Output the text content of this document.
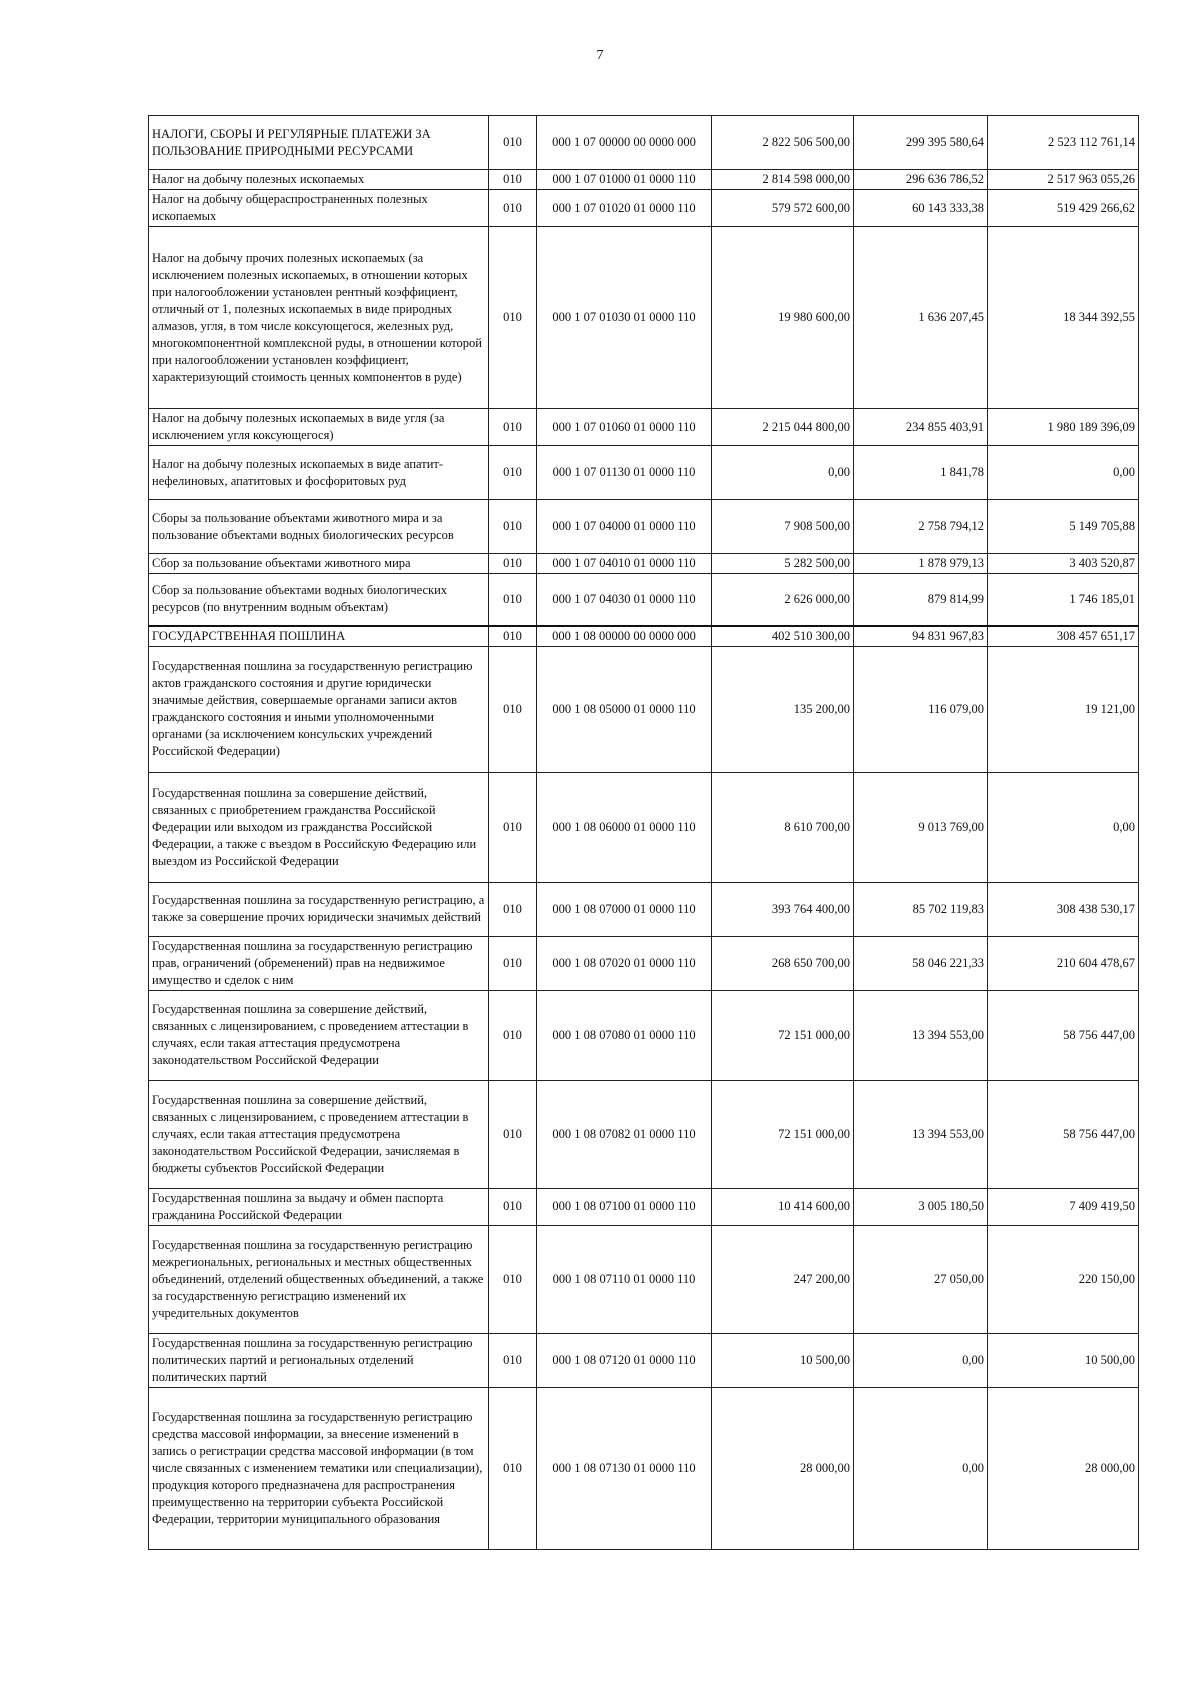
7
НАЛОГИ, СБОРЫ И РЕГУЛЯРНЫЕ ПЛАТЕЖИ ЗА ПОЛЬЗОВАНИЕ ПРИРОДНЫМИ РЕСУРСАМИ	010	000 1 07 00000 00 0000 000	2 822 506 500,00	299 395 580,64	2 523 112 761,14
Налог на добычу полезных ископаемых	010	000 1 07 01000 01 0000 110	2 814 598 000,00	296 636 786,52	2 517 963 055,26
Налог на добычу общераспространенных полезных ископаемых	010	000 1 07 01020 01 0000 110	579 572 600,00	60 143 333,38	519 429 266,62
Налог на добычу прочих полезных ископаемых (за исключением полезных ископаемых, в отношении которых при налогообложении установлен рентный коэффициент, отличный от 1, полезных ископаемых в виде природных алмазов, угля, в том числе коксующегося, железных руд, многокомпонентной комплексной руды, в отношении которой при налогообложении установлен коэффициент, характеризующий стоимость ценных компонентов в руде)	010	000 1 07 01030 01 0000 110	19 980 600,00	1 636 207,45	18 344 392,55
Налог на добычу полезных ископаемых в виде угля (за исключением угля коксующегося)	010	000 1 07 01060 01 0000 110	2 215 044 800,00	234 855 403,91	1 980 189 396,09
Налог на добычу полезных ископаемых в виде апатит-нефелиновых, апатитовых и фосфоритовых руд	010	000 1 07 01130 01 0000 110	0,00	1 841,78	0,00
Сборы за пользование объектами животного мира и за пользование объектами водных биологических ресурсов	010	000 1 07 04000 01 0000 110	7 908 500,00	2 758 794,12	5 149 705,88
Сбор за пользование объектами животного мира	010	000 1 07 04010 01 0000 110	5 282 500,00	1 878 979,13	3 403 520,87
Сбор за пользование объектами водных биологических ресурсов (по внутренним водным объектам)	010	000 1 07 04030 01 0000 110	2 626 000,00	879 814,99	1 746 185,01
ГОСУДАРСТВЕННАЯ ПОШЛИНА	010	000 1 08 00000 00 0000 000	402 510 300,00	94 831 967,83	308 457 651,17
Государственная пошлина за государственную регистрацию актов гражданского состояния и другие юридически значимые действия, совершаемые органами записи актов гражданского состояния и иными уполномоченными органами (за исключением консульских учреждений Российской Федерации)	010	000 1 08 05000 01 0000 110	135 200,00	116 079,00	19 121,00
Государственная пошлина за совершение действий, связанных с приобретением гражданства Российской Федерации или выходом из гражданства Российской Федерации, а также с въездом в Российскую Федерацию или выездом из Российской Федерации	010	000 1 08 06000 01 0000 110	8 610 700,00	9 013 769,00	0,00
Государственная пошлина за государственную регистрацию, а также за совершение прочих юридически значимых действий	010	000 1 08 07000 01 0000 110	393 764 400,00	85 702 119,83	308 438 530,17
Государственная пошлина за государственную регистрацию прав, ограничений (обременений) прав на недвижимое имущество и сделок с ним	010	000 1 08 07020 01 0000 110	268 650 700,00	58 046 221,33	210 604 478,67
Государственная пошлина за совершение действий, связанных с лицензированием, с проведением аттестации в случаях, если такая аттестация предусмотрена законодательством Российской Федерации	010	000 1 08 07080 01 0000 110	72 151 000,00	13 394 553,00	58 756 447,00
Государственная пошлина за совершение действий, связанных с лицензированием, с проведением аттестации в случаях, если такая аттестация предусмотрена законодательством Российской Федерации, зачисляемая в бюджеты субъектов Российской Федерации	010	000 1 08 07082 01 0000 110	72 151 000,00	13 394 553,00	58 756 447,00
Государственная пошлина за выдачу и обмен паспорта гражданина Российской Федерации	010	000 1 08 07100 01 0000 110	10 414 600,00	3 005 180,50	7 409 419,50
Государственная пошлина за государственную регистрацию межрегиональных, региональных и местных общественных объединений, отделений общественных объединений, а также за государственную регистрацию изменений их учредительных документов	010	000 1 08 07110 01 0000 110	247 200,00	27 050,00	220 150,00
Государственная пошлина за государственную регистрацию политических партий и региональных отделений политических партий	010	000 1 08 07120 01 0000 110	10 500,00	0,00	10 500,00
Государственная пошлина за государственную регистрацию средства массовой информации, за внесение изменений в запись о регистрации средства массовой информации (в том числе связанных с изменением тематики или специализации), продукция которого предназначена для распространения преимущественно на территории субъекта Российской Федерации, территории муниципального образования	010	000 1 08 07130 01 0000 110	28 000,00	0,00	28 000,00
